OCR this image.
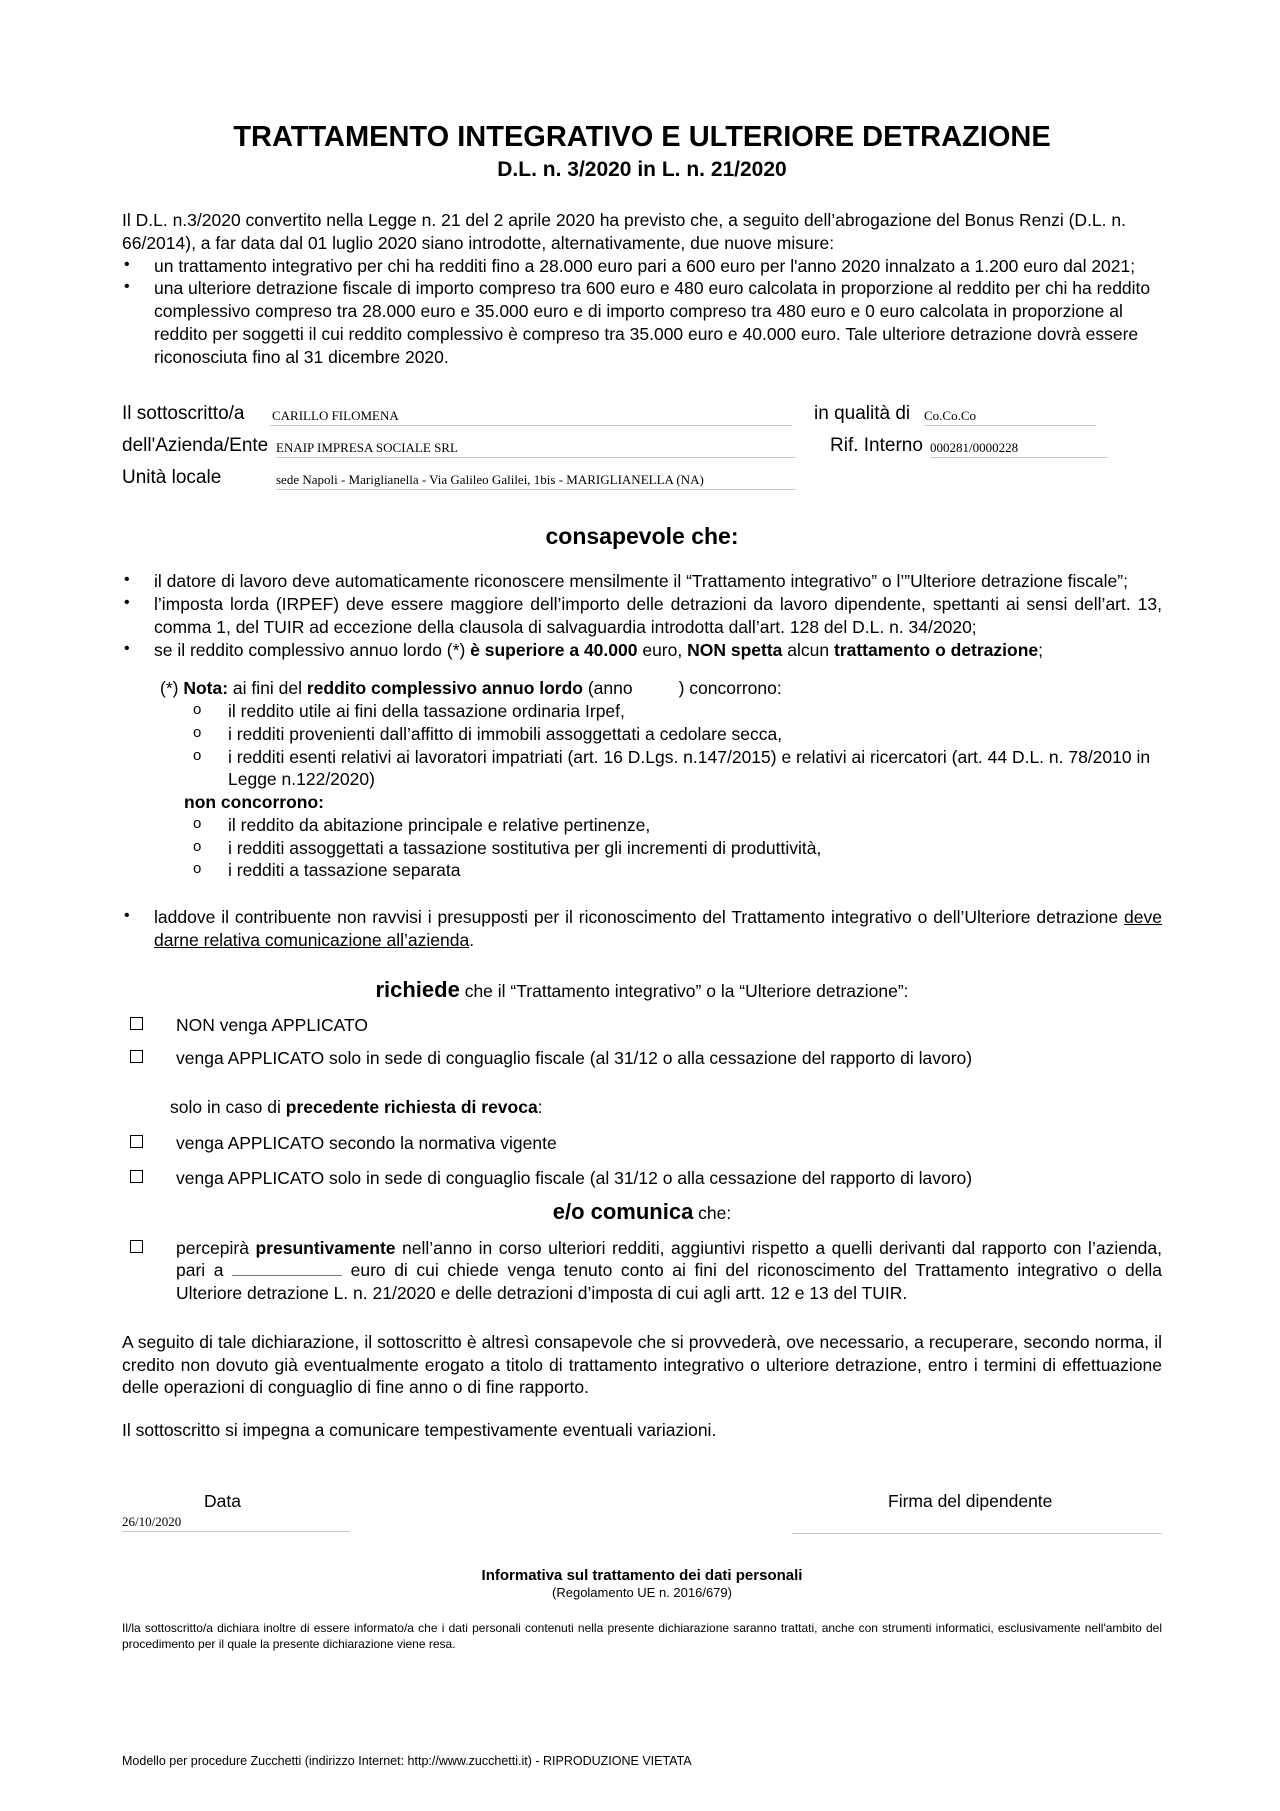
TRATTAMENTO INTEGRATIVO E ULTERIORE DETRAZIONE
D.L. n. 3/2020 in L. n. 21/2020
Il D.L. n.3/2020 convertito nella Legge n. 21 del 2 aprile 2020 ha previsto che, a seguito dell’abrogazione del Bonus Renzi (D.L. n. 66/2014), a far data dal 01 luglio 2020 siano introdotte, alternativamente, due nuove misure:
• un trattamento integrativo per chi ha redditi fino a 28.000 euro pari a 600 euro per l'anno 2020 innalzato a 1.200 euro dal 2021;
• una ulteriore detrazione fiscale di importo compreso tra 600 euro e 480 euro calcolata in proporzione al reddito per chi ha reddito complessivo compreso tra 28.000 euro e 35.000 euro e di importo compreso tra 480 euro e 0 euro calcolata in proporzione al reddito per soggetti il cui reddito complessivo è compreso tra 35.000 euro e 40.000 euro. Tale ulteriore detrazione dovrà essere riconosciuta fino al 31 dicembre 2020.
Il sottoscritto/a CARILLO FILOMENA	in qualità di Co.Co.Co
dell'Azienda/Ente ENAIP IMPRESA SOCIALE SRL	Rif. Interno 000281/0000228
Unità locale	sede Napoli - Mariglianella - Via Galileo Galilei, 1bis - MARIGLIANELLA (NA)
consapevole che:
• il datore di lavoro deve automaticamente riconoscere mensilmente il “Trattamento integrativo” o l’”Ulteriore detrazione fiscale”;
• l’imposta lorda (IRPEF) deve essere maggiore dell’importo delle detrazioni da lavoro dipendente, spettanti ai sensi dell’art. 13, comma 1, del TUIR ad eccezione della clausola di salvaguardia introdotta dall’art. 128 del D.L. n. 34/2020;
• se il reddito complessivo annuo lordo (*) è superiore a 40.000 euro, NON spetta alcun trattamento o detrazione;
(*) Nota: ai fini del reddito complessivo annuo lordo (anno	) concorrono:
o il reddito utile ai fini della tassazione ordinaria Irpef,
o i redditi provenienti dall’affitto di immobili assoggettati a cedolare secca,
o i redditi esenti relativi ai lavoratori impatriati (art. 16 D.Lgs. n.147/2015) e relativi ai ricercatori (art. 44 D.L. n. 78/2010 in Legge n.122/2020)
non concorrono:
o il reddito da abitazione principale e relative pertinenze,
o i redditi assoggettati a tassazione sostitutiva per gli incrementi di produttività,
o i redditi a tassazione separata
• laddove il contribuente non ravvisi i presupposti per il riconoscimento del Trattamento integrativo o dell’Ulteriore detrazione deve darne relativa comunicazione all’azienda.
richiede che il “Trattamento integrativo” o la “Ulteriore detrazione”:
NON venga APPLICATO
venga APPLICATO solo in sede di conguaglio fiscale (al 31/12 o alla cessazione del rapporto di lavoro)
solo in caso di precedente richiesta di revoca:
venga APPLICATO secondo la normativa vigente
venga APPLICATO solo in sede di conguaglio fiscale (al 31/12 o alla cessazione del rapporto di lavoro)
e/o comunica che:
percepirà presuntivamente nell’anno in corso ulteriori redditi, aggiuntivi rispetto a quelli derivanti dal rapporto con l’azienda, pari a	euro di cui chiede venga tenuto conto ai fini del riconoscimento del Trattamento integrativo o della Ulteriore detrazione L. n. 21/2020 e delle detrazioni d’imposta di cui agli artt. 12 e 13 del TUIR.
A seguito di tale dichiarazione, il sottoscritto è altresì consapevole che si provvederà, ove necessario, a recuperare, secondo norma, il credito non dovuto già eventualmente erogato a titolo di trattamento integrativo o ulteriore detrazione, entro i termini di effettuazione delle operazioni di conguaglio di fine anno o di fine rapporto.
Il sottoscritto si impegna a comunicare tempestivamente eventuali variazioni.
Data
26/10/2020
Firma del dipendente
Informativa sul trattamento dei dati personali
(Regolamento UE n. 2016/679)
Il/la sottoscritto/a dichiara inoltre di essere informato/a che i dati personali contenuti nella presente dichiarazione saranno trattati, anche con strumenti informatici, esclusivamente nell'ambito del procedimento per il quale la presente dichiarazione viene resa.
Modello per procedure Zucchetti (indirizzo Internet: http://www.zucchetti.it) - RIPRODUZIONE VIETATA
